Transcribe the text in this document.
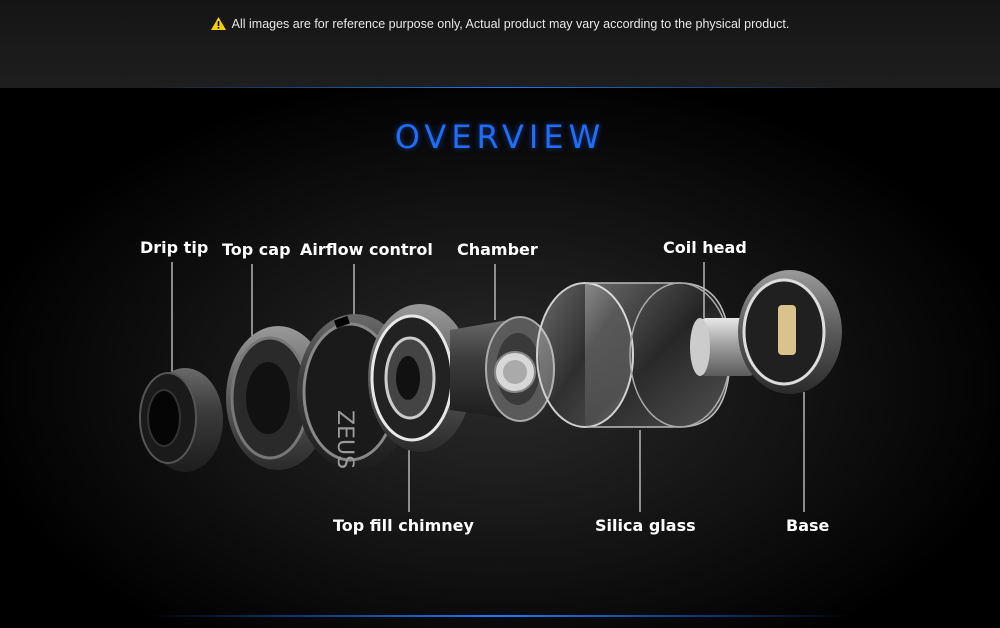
All images are for reference purpose only, Actual product may vary according to the physical product.
OVERVIEW
ZEUS
Drip tip Top cap Airflow control Chamber	Coil head
Top fill chimney	Silica glass	Base
